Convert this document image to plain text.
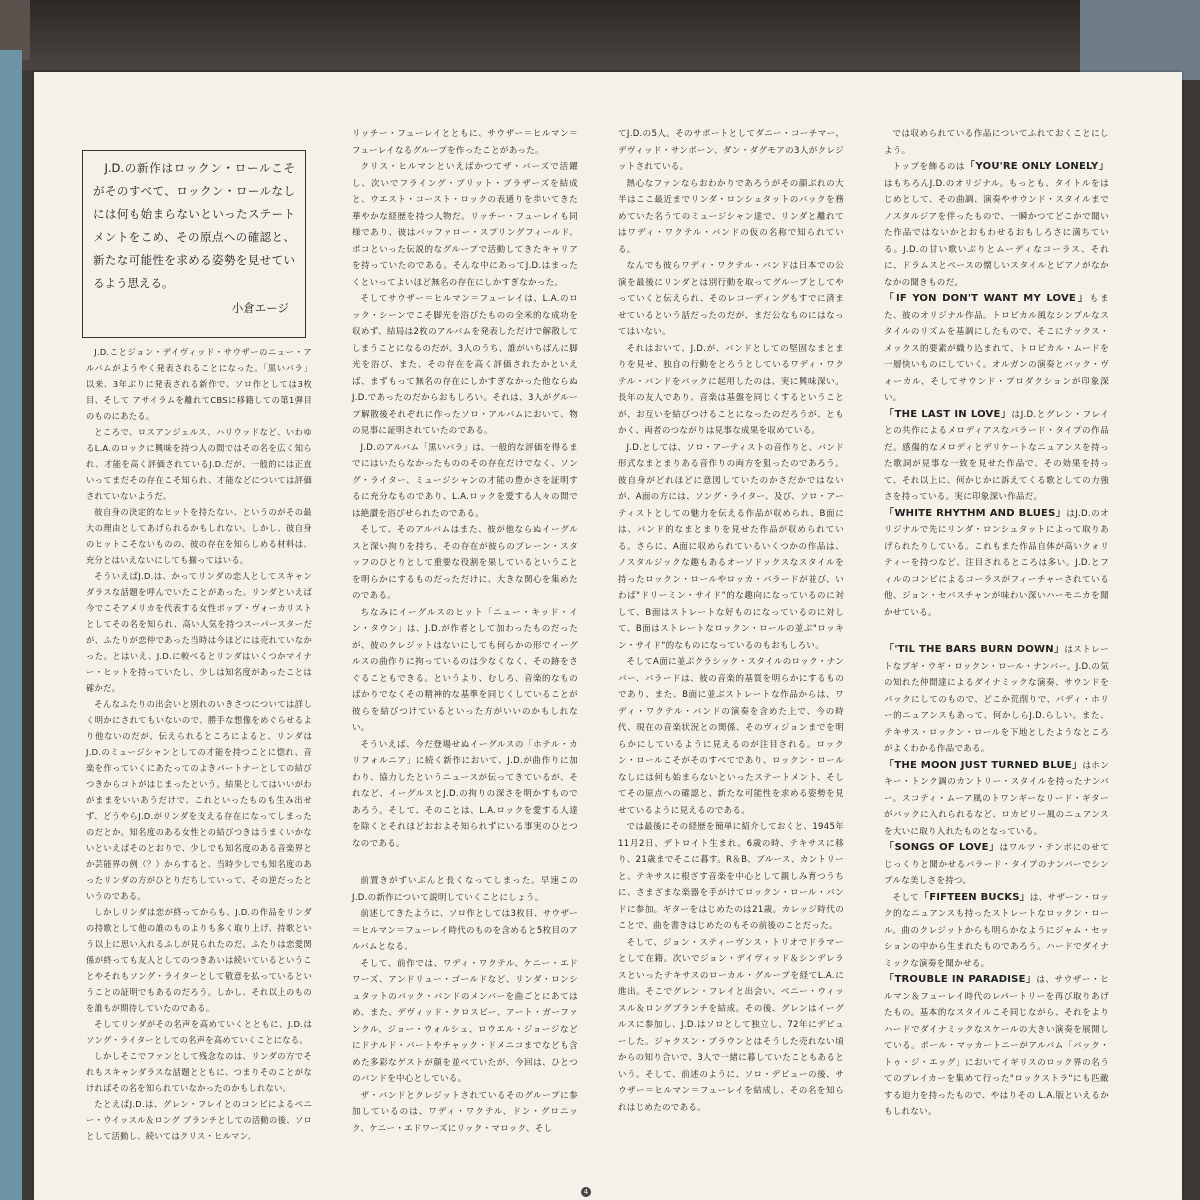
J.D.の新作はロックン・ロールこそがそのすべて、ロックン・ロールなしには何も始まらないといったステートメントをこめ、その原点への確認と、新たな可能性を求める姿勢を見せているよう思える。
小倉エージ

J.D.ことジョン・デイヴィッド・サウザーのニュー・アルバムがようやく発表されることになった。「黒いバラ」以来、3年ぶりに発表される新作で、ソロ作としては3枚目、そして アサイラムを離れてCBSに移籍しての第1弾目のものにあたる。

ところで、ロスアンジェルス、ハリウッドなど、いわゆるL.A.のロックに興味を持つ人の間ではその名を広く知られ、才能を高く評価されているJ.D.だが、一般的には正直いってまだその存在こそ知られ、才能などについては評価されていないようだ。

彼自身の決定的なヒットを持たない、というのがその最大の理由としてあげられるかもしれない。しかし、彼自身のヒットこそないものの、彼の存在を知らしめる材料は、充分とはいえないにしても揃ってはいる。

そういえばJ.D.は、かってリンダの恋人としてスキャンダラスな話題を呼んでいたことがあった。リンダといえば今でこそアメリカを代表する女性ポップ・ヴォーカリストとしてその名を知られ、高い人気を持つスーパースターだが、ふたりが恋仲であった当時は今ほどには売れていなかった。とはいえ、J.D.に較べるとリンダはいくつかマイナー・ヒットを持っていたし、少しは知名度があったことは確かだ。

そんなふたりの出会いと別れのいきさつについては詳しく明かにされてもいないので、勝手な想像をめぐらせるより他ないのだが、伝えられるところによると、リンダはJ.D.のミュージシャンとしての才能を持つことに惚れ、音楽を作っていくにあたってのよきパートナーとしての結びつきからコトがはじまったという。結果としてはいいがわがままをいいあうだけで、これといったものも生み出せず、どうやらJ.D.がリンダを支える存在になってしまったのだとか。知名度のある女性との結びつきはうまくいかないといえばそのとおりで、少しでも知名度のある音楽界とか芸能界の例（？）からすると、当時少しでも知名度のあったリンダの方がひとりだちしていって、その逆だったというのである。

しかしリンダは恋が終ってからも、J.D.の作品をリンダの持歌として他の誰のものよりも多く取り上げ、持歌という以上に思い入れるふしが見られたのだ。ふたりは恋愛関係が終っても友人としてのつきあいは続いているということやそれもソング・ライターとして敬意を払っているということの証明でもあるのだろう。しかし、それ以上のものを誰もが期待していたのである。

そしてリンダがその名声を高めていくとともに、J.D.はソング・ライターとしての名声を高めていくことになる。

しかしそこでファンとして残念なのは、リンダの方でそれもスキャンダラスな話題とともに、つまりそのことがなければその名を知られていなかったのかもしれない。

たとえばJ.D.は、グレン・フレイとのコンビによるベニー・ウイッスル＆ロング ブランチとしての活動の後、ソロとして活動し、続いてはクリス・ヒルマン、

リッチー・フューレイとともに、サウザー＝ヒルマン＝フューレイなるグループを作ったことがあった。

クリス・ヒルマンといえばかつてザ・バーズで活躍し、次いでフライング・ブリット・ブラザーズを結成と、ウエスト・コースト・ロックの表通りを歩いてきた華やかな経歴を持つ人物だ。リッチー・フューレイも同様であり、彼はバッファロー・スプリングフィールド、ポコといった伝説的なグループで活動してきたキャリアを持っていたのである。そんな中にあってJ.D.はまったくといってよいほど無名の存在にしかすぎなかった。

そしてサウザー＝ヒルマン＝フューレイは、L.A.のロック・シーンでこそ脚光を浴びたものの全米的な成功を収めず、結局は2枚のアルバムを発表しただけで解散してしまうことになるのだが、3人のうち、誰がいちばんに脚光を浴び、また、その存在を高く評価されたかといえば、まずもって無名の存在にしかすぎなかった他ならぬJ.D.であったのだからおもしろい。それは、3人がグループ解散後それぞれに作ったソロ・アルバムにおいて、物の見事に証明されていたのである。

J.D.のアルバム「黒いバラ」は、一般的な評価を得るまでにはいたらなかったもののその存在だけでなく、ソング・ライター、ミュージシャンの才能の豊かさを証明するに充分なものであり、L.A.ロックを愛する人々の間では絶讃を浴びせられたのである。

そして、そのアルバムはまた、彼が他ならぬイーグルスと深い拘りを持ち、その存在が彼らのブレーン・スタッフのひとりとして重要な役割を果しているということを明らかにするものだっただけに、大きな関心を集めたのである。

ちなみにイーグルスのヒット「ニュー・キッド・イン・タウン」は、J.D.が作者として加わったものだったが、彼のクレジットはないにしても何らかの形でイーグルスの曲作りに拘っているのは少なくなく、その跡をさぐることもできる。というより、むしろ、音楽的なものばかりでなくその精神的な基準を同じくしていることが彼らを結びつけているといった方がいいのかもしれない。

そういえば、今だ登場せぬイーグルスの「ホテル・カリフォルニア」に続く新作において、J.D.が曲作りに加わり、協力したというニュースが伝ってきているが、それなど、イーグルスとJ.D.の拘りの深さを明かすものであろう。そして、そのことは、L.A.ロックを愛する人達を除くとそれほどおおよそ知られずにいる事実のひとつなのである。

前置きがずいぶんと長くなってしまった。早速このJ.D.の新作について説明していくことにしょう。

前述してきたように、ソロ作としては3枚目、サウザー＝ヒルマン＝フューレイ時代のものを含めると5枚目のアルバムとなる。

そして、前作では、ワディ・ワクテル、ケニー・エドワーズ、アンドリュー・ゴールドなど、リンダ・ロンシュタットのバック・バンドのメンバーを曲ごとにあてはめ、また、デヴィッド・クロスビー、アート・ガーファンクル、ジョー・ウォルシュ、ロウエル・ジョージなどにドナルド・バートやチャック・ドメニコまでなども含めた多彩なゲストが顔を並べていたが、今回は、ひとつのバンドを中心としている。

ザ・バンドとクレジットされているそのグループに参加しているのは、ワディ・ワクテル、ドン・グロニック、ケニー・エドワーズにリック・マロック、そし

てJ.D.の5人。そのサポートとしてダニー・コーチマー、デヴィッド・サンボーン、ダン・ダグモアの3人がクレジットされている。

熱心なファンならおわかりであろうがその顔ぶれの大半はここ最近までリンダ・ロンシュタットのバックを務めていた名うてのミュージシャン達で、リンダと離れてはワディ・ワクテル・バンドの仮の名称で知られている。

なんでも彼らワディ・ワクテル・バンドは日本での公演を最後にリンダとは別行動を取ってグループとしてやっていくと伝えられ、そのレコーディングもすでに済ませているという話だったのだが、まだ公なものにはなってはいない。

それはおいて、J.D.が、バンドとしての堅固なまとまりを見せ、独自の行動をとろうとしているワディ・ワクテル・バンドをバックに起用したのは、実に興味深い。長年の友人であり、音楽は基盤を同じくするということが、お互いを結びつけることになったのだろうが、ともかく、両者のつながりは見事な成果を収めている。

J.D.としては、ソロ・アーティストの音作りと、バンド形式なまとまりある音作りの両方を狙ったのであろう。彼自身がどれほどに意図していたのかさだかではないが、A面の方には、ソング・ライター、及び、ソロ・アーティストとしての魅力を伝える作品が収められ、B面には、バンド的なまとまりを見せた作品が収められている。さらに、A面に収められているいくつかの作品は、ノスタルジックな趣もあるオーソドックスなスタイルを持ったロックン・ロールやロッカ・バラードが並び、いわば"ドリーミン・サイド"的な趣向になっているのに対して、B面はストレートな好ものになっているのに対して、B面はストレートなロックン・ロールの並ぶ"ロッキン・サイド"的なものになっているのもおもしろい。

そしてA面に並ぶクラシック・スタイルのロック・ナンバー、バラードは、彼の音楽的基質を明らかにするものであり、また、B面に並ぶストレートな作品からは、ワディ・ワクテル・バンドの演奏を含めた上で、今の時代、現在の音楽状況との関係、そのヴィジョンまでを明らかにしているように見えるのが注目される。ロックン・ロールこそがそのすべてであり、ロックン・ロールなしには何も始まらないといったステートメント、そしてその原点への確認と、新たな可能性を求める姿勢を見せているように見えるのである。

では最後にその経歴を簡単に紹介しておくと、1945年11月2日、デトロイト生まれ。6歳の時、テキサスに移り、21歳までそこに暮す。R＆B、ブルース、カントリーと、テキサスに根ざす音楽を中心として親しみ育つうちに、さまざまな楽器を手がけてロックン・ロール・バンドに参加。ギターをはじめたのは21歳。カレッジ時代のことで、曲を書きはじめたのもその前後のことだった。

そして、ジョン・スティーヴンス・トリオでドラマーとして在籍。次いでジョン・デイヴィッド＆シンデレラスといったテキサスのローカル・グループを経てL.A.に進出。そこでグレン・フレイと出会い、ベニー・ウィッスル＆ロングブランチを結成。その後、グレンはイーグルスに参加し、J.D.はソロとして独立し、72年にデビューした。ジャクスン・ブラウンとはそうした売れない頃からの知り合いで、3人で一緒に暮していたこともあるという。そして、前述のように、ソロ・デビューの後、サウザー＝ヒルマン＝フューレイを結成し、その名を知られはじめたのである。

では収められている作品についてふれておくことにしよう。

トップを飾るのは「YOU'RE ONLY LONELY」はもちろんJ.D.のオリジナル。もっとも、タイトルをはじめとして、その曲調、演奏やサウンド・スタイルまでノスタルジアを伴ったもので、一瞬かつてどこかで聞いた作品ではないかとおもわせるおもしろさに満ちている。J.D.の甘い歌いぶりとムーディなコーラス、それに、ドラムスとベースの懐しいスタイルとピアノがなかなかの聞きものだ。

「IF YON DON'T WANT MY LOVE」もまた、彼のオリジナル作品。トロピカル風なシンプルなスタイルのリズムを基調にしたもので、そこにテックス・メックス的要素が織り込まれて、トロピカル・ムードを一層快いものにしていく。オルガンの演奏とバック・ヴォーカル、そしてサウンド・プロダクションが印象深い。

「THE LAST IN LOVE」はJ.D.とグレン・フレイとの共作によるメロディアスなバラード・タイプの作品だ。感傷的なメロディとデリケートなニュアンスを持った歌詞が見事な一致を見せた作品で、その効果を持って、それ以上に、何かじかに訴えてくる歌としての力強さを持っている。実に印象深い作品だ。

「WHITE RHYTHM AND BLUES」はJ.D.のオリジナルで先にリンダ・ロンシュタットによって取りあげられたりしている。これもまた作品自体が高いクォリティーを持つなど、注目されるところは多い。J.D.とフィルのコンビによるコーラスがフィーチャーされている他、ジョン・セバスチャンが味わい深いハーモニカを聞かせている。

「'TIL THE BARS BURN DOWN」はストレートなブギ・ウギ・ロックン・ロール・ナンバー。J.D.の気の知れた仲間達によるダイナミックな演奏、サウンドをバックにしてのもので、どこか荒削りで、バディ・ホリー的ニュアンスもあって、何かしらJ.D.らしい。また、テキサス・ロックン・ロールを下地としたようなところがよくわかる作品である。

「THE MOON JUST TURNED BLUE」はホンキー・トンク調のカントリー・スタイルを持ったナンバー。スコティ・ムーア風のトワンギーなリード・ギターがバックに入れられるなど、ロカビリー風のニュアンスを大いに取り入れたものとなっている。

「SONGS OF LOVE」はワルツ・テンポにのせてじっくりと聞かせるバラード・タイプのナンバーでシンプルな美しさを持つ。

そして「FIFTEEN BUCKS」は、サザーン・ロック的なニュアンスも持ったストレートなロックン・ロール。曲のクレジットからも明らかなようにジャム・セッションの中から生まれたものであろう。ハードでダイナミックな演奏を聞かせる。

「TROUBLE IN PARADISE」は、サウザー・ヒルマン＆フューレイ時代のレパートリーを再び取りあげたもの。基本的なスタイルこそ同じながら、それをよりハードでダイナミックなスケールの大きい演奏を展開している。ポール・マッカートニーがアルバム「バック・トゥ・ジ・エッグ」においてイギリスのロック界の名うてのプレイカーを集めて行った"ロックストラ"にも匹敵する迫力を持ったもので、やはりその L.A.版といえるかもしれない。

4
